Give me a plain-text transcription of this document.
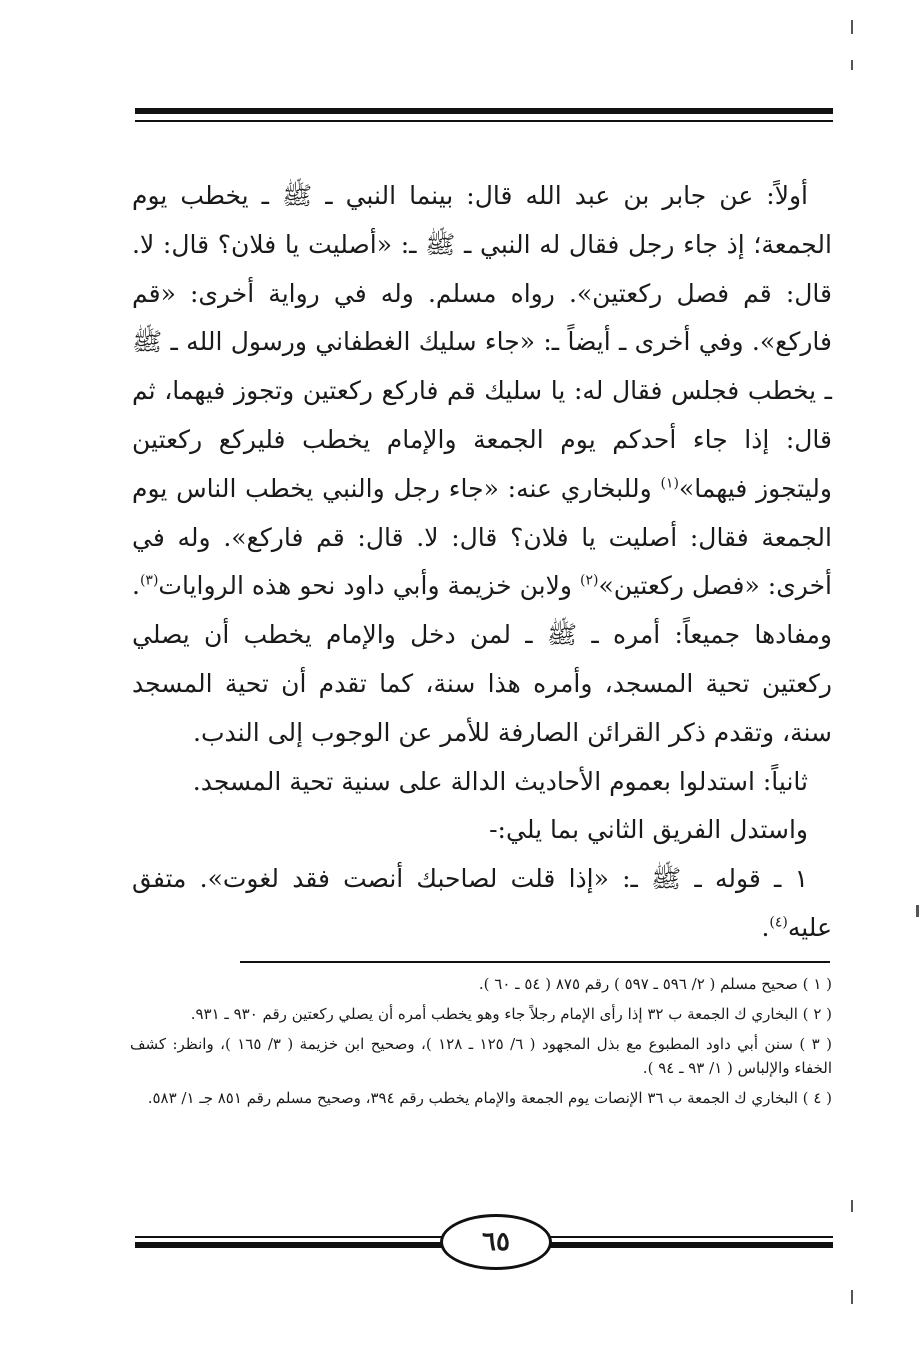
أولاً: عن جابر بن عبد الله قال: بينما النبي ـ ﷺ ـ يخطب يوم الجمعة؛ إذ جاء رجل فقال له النبي ـ ﷺ ـ: «أصليت يا فلان؟ قال: لا. قال: قم فصل ركعتين». رواه مسلم. وله في رواية أخرى: «قم فاركع». وفي أخرى ـ أيضاً ـ: «جاء سليك الغطفاني ورسول الله ـ ﷺ ـ يخطب فجلس فقال له: يا سليك قم فاركع ركعتين وتجوز فيهما، ثم قال: إذا جاء أحدكم يوم الجمعة والإمام يخطب فليركع ركعتين وليتجوز فيهما»$^{(١)}$ وللبخاري عنه: «جاء رجل والنبي يخطب الناس يوم الجمعة فقال: أصليت يا فلان؟ قال: لا. قال: قم فاركع». وله في أخرى: «فصل ركعتين»$^{(٢)}$ ولابن خزيمة وأبي داود نحو هذه الروايات$^{(٣)}$. ومفادها جميعاً: أمره ـ ﷺ ـ لمن دخل والإمام يخطب أن يصلي ركعتين تحية المسجد، وأمره هذا سنة، كما تقدم أن تحية المسجد سنة، وتقدم ذكر القرائن الصارفة للأمر عن الوجوب إلى الندب.

ثانياً: استدلوا بعموم الأحاديث الدالة على سنية تحية المسجد.

واستدل الفريق الثاني بما يلي:-

١ ـ قوله ـ ﷺ ـ: «إذا قلت لصاحبك أنصت فقد لغوت». متفق عليه$^{(٤)}$.

( ١ ) صحيح مسلم ( ٢/ ٥٩٦ ـ ٥٩٧ ) رقم ٨٧٥ ( ٥٤ ـ ٦٠ ).

( ٢ ) البخاري ك الجمعة ب ٣٢ إذا رأى الإمام رجلاً جاء وهو يخطب أمره أن يصلي ركعتين رقم ٩٣٠ ـ ٩٣١.

( ٣ ) سنن أبي داود المطبوع مع بذل المجهود ( ٦/ ١٢٥ ـ ١٢٨ )، وصحيح ابن خزيمة ( ٣/ ١٦٥ )، وانظر: كشف الخفاء والإلباس ( ١/ ٩٣ ـ ٩٤ ).

( ٤ ) البخاري ك الجمعة ب ٣٦ الإنصات يوم الجمعة والإمام يخطب رقم ٣٩٤، وصحيح مسلم رقم ٨٥١ جـ ١/ ٥٨٣.

٦٥
